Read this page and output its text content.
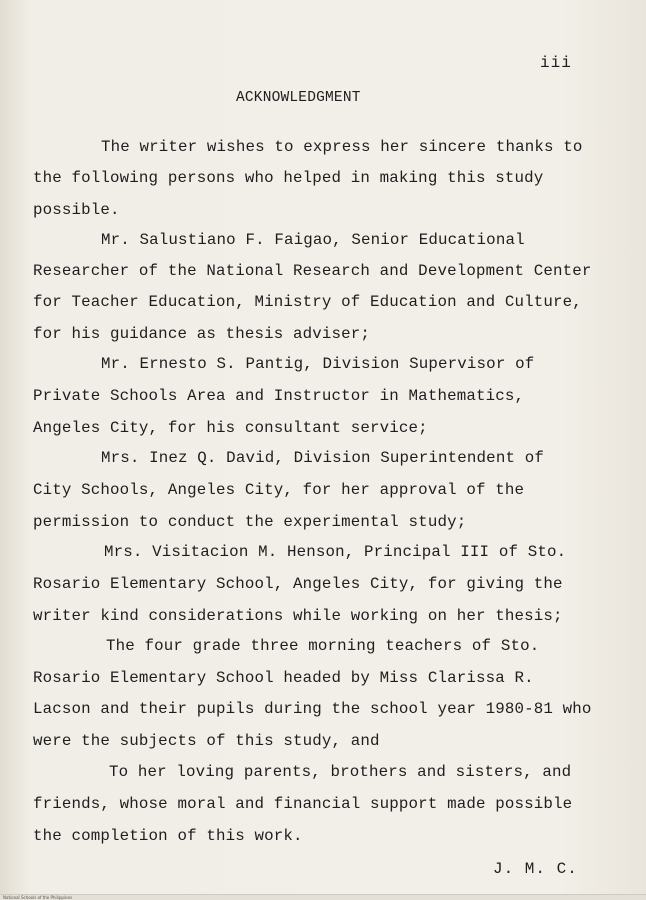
iii
ACKNOWLEDGMENT
The writer wishes to express her sincere thanks to
the following persons who helped in making this study
possible.
Mr. Salustiano F. Faigao, Senior Educational
Researcher of the National Research and Development Center
for Teacher Education, Ministry of Education and Culture,
for his guidance as thesis adviser;
Mr. Ernesto S. Pantig, Division Supervisor of
Private Schools Area and Instructor in Mathematics,
Angeles City, for his consultant service;
Mrs. Inez Q. David, Division Superintendent of
City Schools, Angeles City, for her approval of the
permission to conduct the experimental study;
Mrs. Visitacion M. Henson, Principal III of Sto.
Rosario Elementary School, Angeles City, for giving the
writer kind considerations while working on her thesis;
The four grade three morning teachers of Sto.
Rosario Elementary School headed by Miss Clarissa R.
Lacson and their pupils during the school year 1980-81 who
were the subjects of this study, and
To her loving parents, brothers and sisters, and
friends, whose moral and financial support made possible
the completion of this work.
J. M. C.
National Schools of the Philippines
